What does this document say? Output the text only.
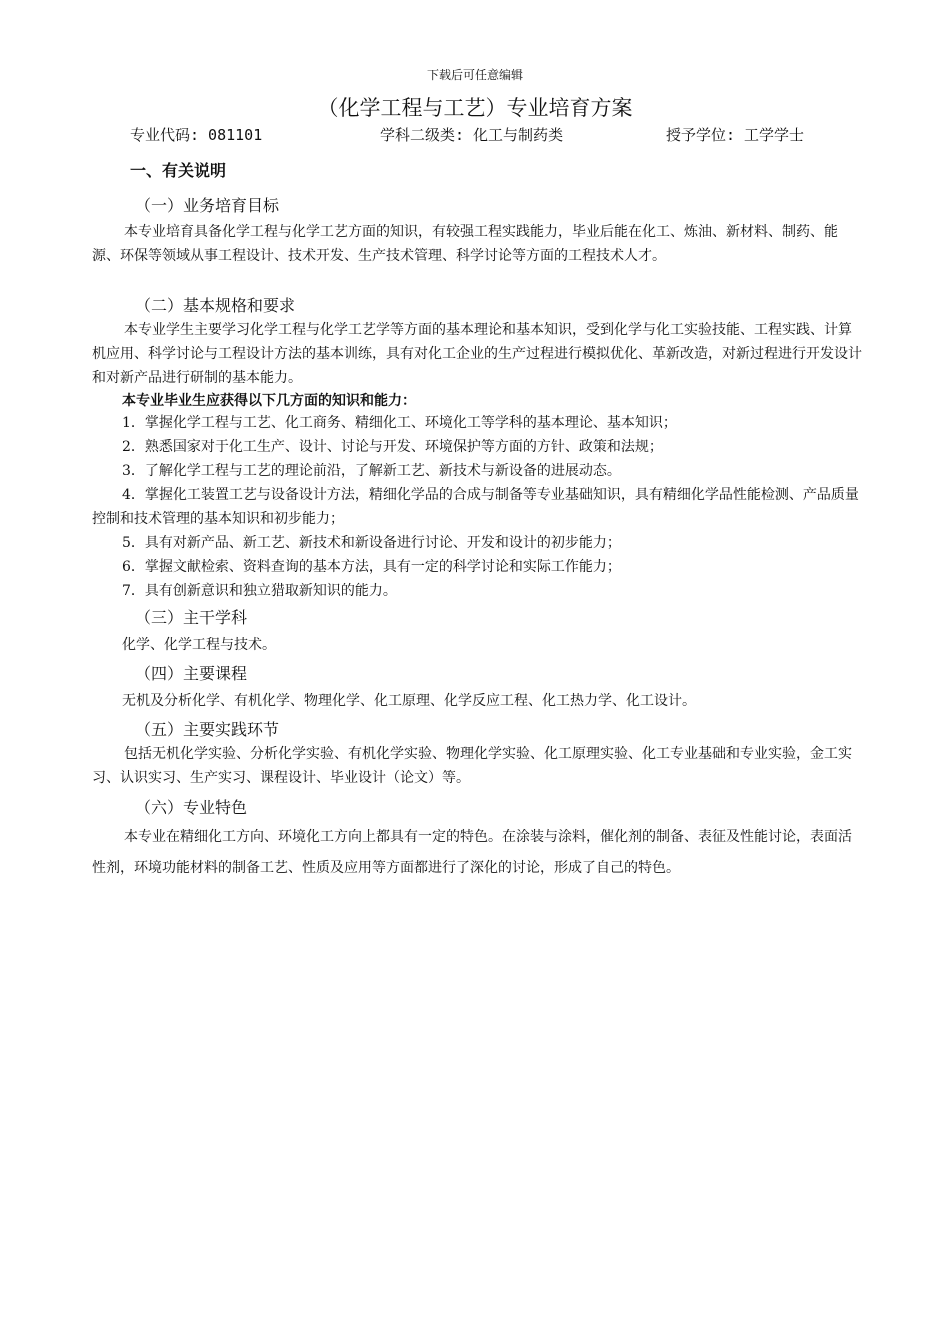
下载后可任意编辑
（化学工程与工艺）专业培育方案
专业代码: 081101	学科二级类: 化工与制药类	授予学位: 工学学士
一、有关说明
（一）业务培育目标

本专业培育具备化学工程与化学工艺方面的知识，有较强工程实践能力，毕业后能在化工、炼油、新材料、制药、能源、环保等领域从事工程设计、技术开发、生产技术管理、科学讨论等方面的工程技术人才。

（二）基本规格和要求

本专业学生主要学习化学工程与化学工艺学等方面的基本理论和基本知识，受到化学与化工实验技能、工程实践、计算机应用、科学讨论与工程设计方法的基本训练，具有对化工企业的生产过程进行模拟优化、革新改造，对新过程进行开发设计和对新产品进行研制的基本能力。

本专业毕业生应获得以下几方面的知识和能力：

1．掌握化学工程与工艺、化工商务、精细化工、环境化工等学科的基本理论、基本知识；

2．熟悉国家对于化工生产、设计、讨论与开发、环境保护等方面的方针、政策和法规；

3．了解化学工程与工艺的理论前沿，了解新工艺、新技术与新设备的进展动态。

4．掌握化工装置工艺与设备设计方法，精细化学品的合成与制备等专业基础知识，具有精细化学品性能检测、产品质量控制和技术管理的基本知识和初步能力；

5．具有对新产品、新工艺、新技术和新设备进行讨论、开发和设计的初步能力；

6．掌握文献检索、资料查询的基本方法，具有一定的科学讨论和实际工作能力；

7．具有创新意识和独立猎取新知识的能力。

（三）主干学科
化学、化学工程与技术。
（四）主要课程
无机及分析化学、有机化学、物理化学、化工原理、化学反应工程、化工热力学、化工设计。
（五）主要实践环节

包括无机化学实验、分析化学实验、有机化学实验、物理化学实验、化工原理实验、化工专业基础和专业实验，金工实习、认识实习、生产实习、课程设计、毕业设计（论文）等。

（六）专业特色

本专业在精细化工方向、环境化工方向上都具有一定的特色。在涂装与涂料，催化剂的制备、表征及性能讨论，表面活性剂，环境功能材料的制备工艺、性质及应用等方面都进行了深化的讨论，形成了自己的特色。
